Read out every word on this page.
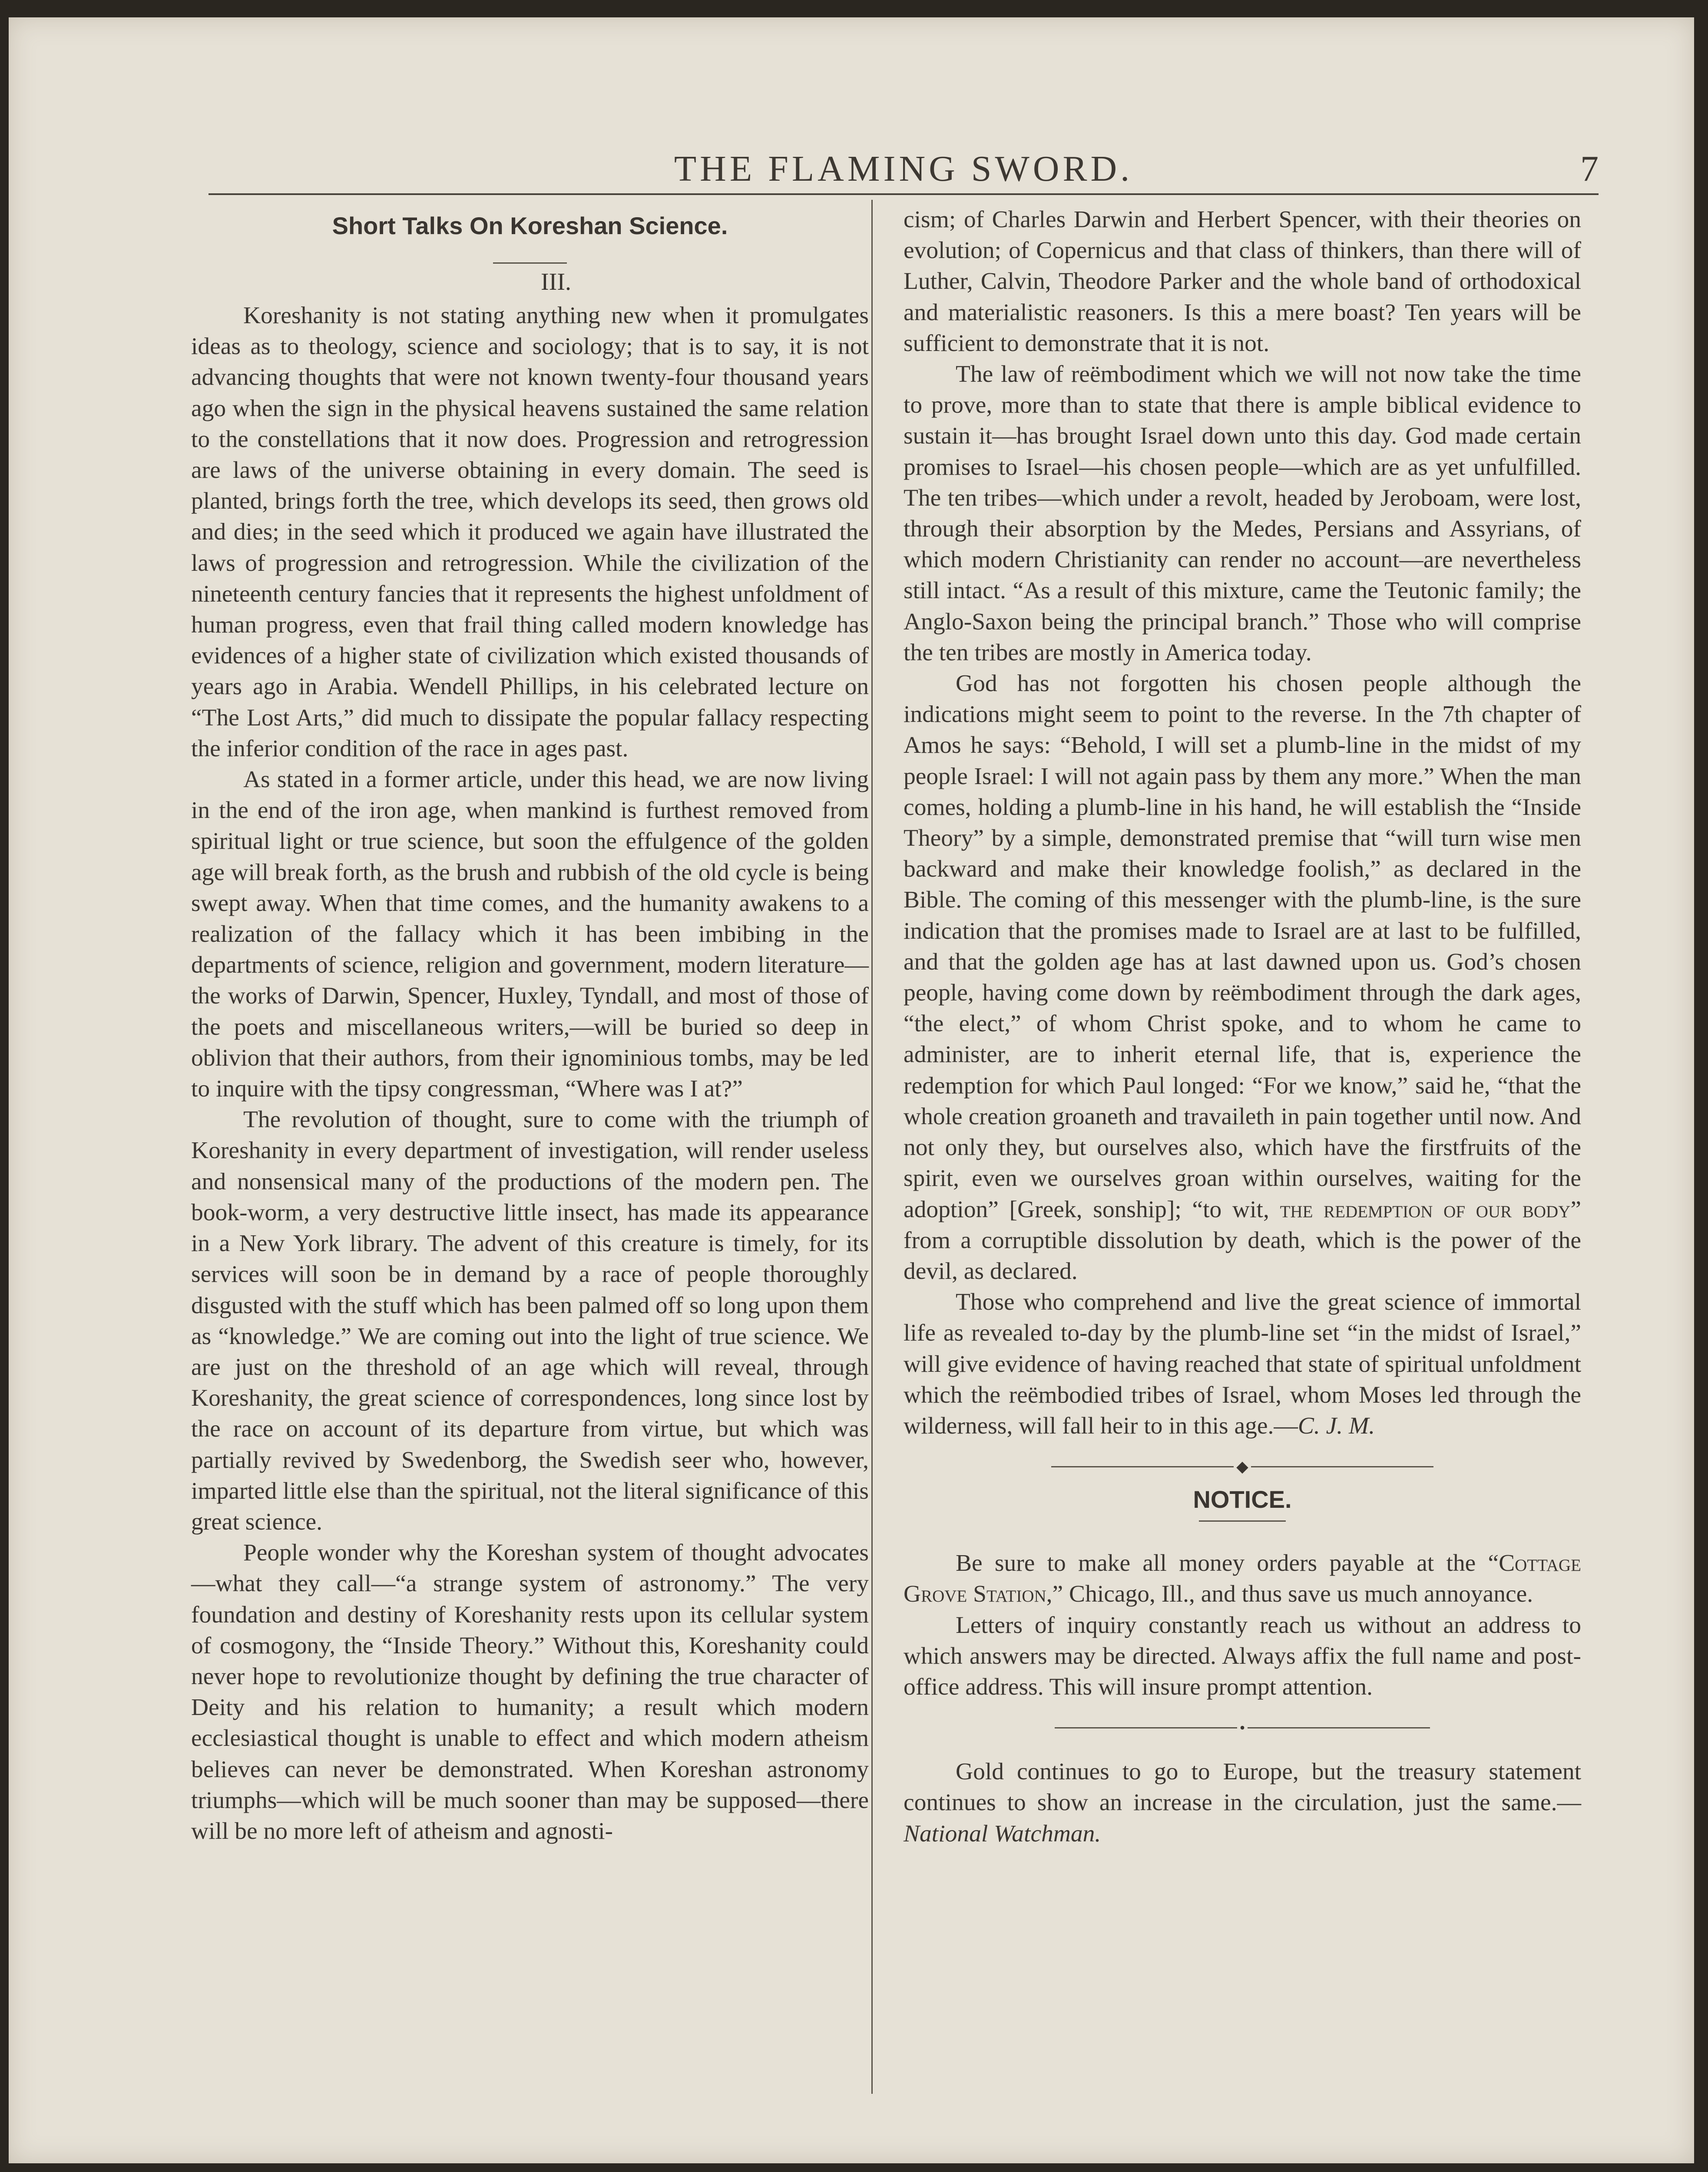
THE FLAMING SWORD.	7
Short Talks On Koreshan Science.

III.

Koreshanity is not stating anything new when it promulgates ideas as to theology, science and sociology; that is to say, it is not advancing thoughts that were not known twenty-four thousand years ago when the sign in the physical heavens sustained the same relation to the constellations that it now does. Progression and retrogression are laws of the universe obtaining in every domain. The seed is planted, brings forth the tree, which develops its seed, then grows old and dies; in the seed which it produced we again have illustrated the laws of progression and retrogression. While the civilization of the nineteenth century fancies that it represents the highest unfoldment of human progress, even that frail thing called modern knowledge has evidences of a higher state of civilization which existed thousands of years ago in Arabia. Wendell Phillips, in his celebrated lecture on “The Lost Arts,” did much to dissipate the popular fallacy respecting the inferior condition of the race in ages past.

As stated in a former article, under this head, we are now living in the end of the iron age, when mankind is furthest removed from spiritual light or true science, but soon the effulgence of the golden age will break forth, as the brush and rubbish of the old cycle is being swept away. When that time comes, and the humanity awakens to a realization of the fallacy which it has been imbibing in the departments of science, religion and government, modern literature—the works of Darwin, Spencer, Huxley, Tyndall, and most of those of the poets and miscellaneous writers,—will be buried so deep in oblivion that their authors, from their ignominious tombs, may be led to inquire with the tipsy congressman, “Where was I at?”

The revolution of thought, sure to come with the triumph of Koreshanity in every department of investigation, will render useless and nonsensical many of the productions of the modern pen. The book-worm, a very destructive little insect, has made its appearance in a New York library. The advent of this creature is timely, for its services will soon be in demand by a race of people thoroughly disgusted with the stuff which has been palmed off so long upon them as “knowledge.” We are coming out into the light of true science. We are just on the threshold of an age which will reveal, through Koreshanity, the great science of correspondences, long since lost by the race on account of its departure from virtue, but which was partially revived by Swedenborg, the Swedish seer who, however, imparted little else than the spiritual, not the literal significance of this great science.

People wonder why the Koreshan system of thought advocates—what they call—“a strange system of astronomy.” The very foundation and destiny of Koreshanity rests upon its cellular system of cosmogony, the “Inside Theory.” Without this, Koreshanity could never hope to revolutionize thought by defining the true character of Deity and his relation to humanity; a result which modern ecclesiastical thought is unable to effect and which modern atheism believes can never be demonstrated. When Koreshan astronomy triumphs—which will be much sooner than may be supposed—there will be no more left of atheism and agnosti-

cism; of Charles Darwin and Herbert Spencer, with their theories on evolution; of Copernicus and that class of thinkers, than there will of Luther, Calvin, Theodore Parker and the whole band of orthodoxical and materialistic reasoners. Is this a mere boast? Ten years will be sufficient to demonstrate that it is not.

The law of reëmbodiment which we will not now take the time to prove, more than to state that there is ample biblical evidence to sustain it—has brought Israel down unto this day. God made certain promises to Israel—his chosen people—which are as yet unfulfilled. The ten tribes—which under a revolt, headed by Jeroboam, were lost, through their absorption by the Medes, Persians and Assyrians, of which modern Christianity can render no account—are nevertheless still intact. “As a result of this mixture, came the Teutonic family; the Anglo-Saxon being the principal branch.” Those who will comprise the ten tribes are mostly in America today.

God has not forgotten his chosen people although the indications might seem to point to the reverse. In the 7th chapter of Amos he says: “Behold, I will set a plumb-line in the midst of my people Israel: I will not again pass by them any more.” When the man comes, holding a plumb-line in his hand, he will establish the “Inside Theory” by a simple, demonstrated premise that “will turn wise men backward and make their knowledge foolish,” as declared in the Bible. The coming of this messenger with the plumb-line, is the sure indication that the promises made to Israel are at last to be fulfilled, and that the golden age has at last dawned upon us. God’s chosen people, having come down by reëmbodiment through the dark ages, “the elect,” of whom Christ spoke, and to whom he came to administer, are to inherit eternal life, that is, experience the redemption for which Paul longed: “For we know,” said he, “that the whole creation groaneth and travaileth in pain together until now. And not only they, but ourselves also, which have the firstfruits of the spirit, even we ourselves groan within ourselves, waiting for the adoption” [Greek, sonship]; “to wit, the redemption of our body” from a corruptible dissolution by death, which is the power of the devil, as declared.

Those who comprehend and live the great science of immortal life as revealed to-day by the plumb-line set “in the midst of Israel,” will give evidence of having reached that state of spiritual unfoldment which the reëmbodied tribes of Israel, whom Moses led through the wilderness, will fall heir to in this age.—C. J. M.

◆
NOTICE.

Be sure to make all money orders payable at the “Cottage Grove Station,” Chicago, Ill., and thus save us much annoyance.

Letters of inquiry constantly reach us without an address to which answers may be directed. Always affix the full name and post-office address. This will insure prompt attention.

•

Gold continues to go to Europe, but the treasury statement continues to show an increase in the circulation, just the same.—National Watchman.
